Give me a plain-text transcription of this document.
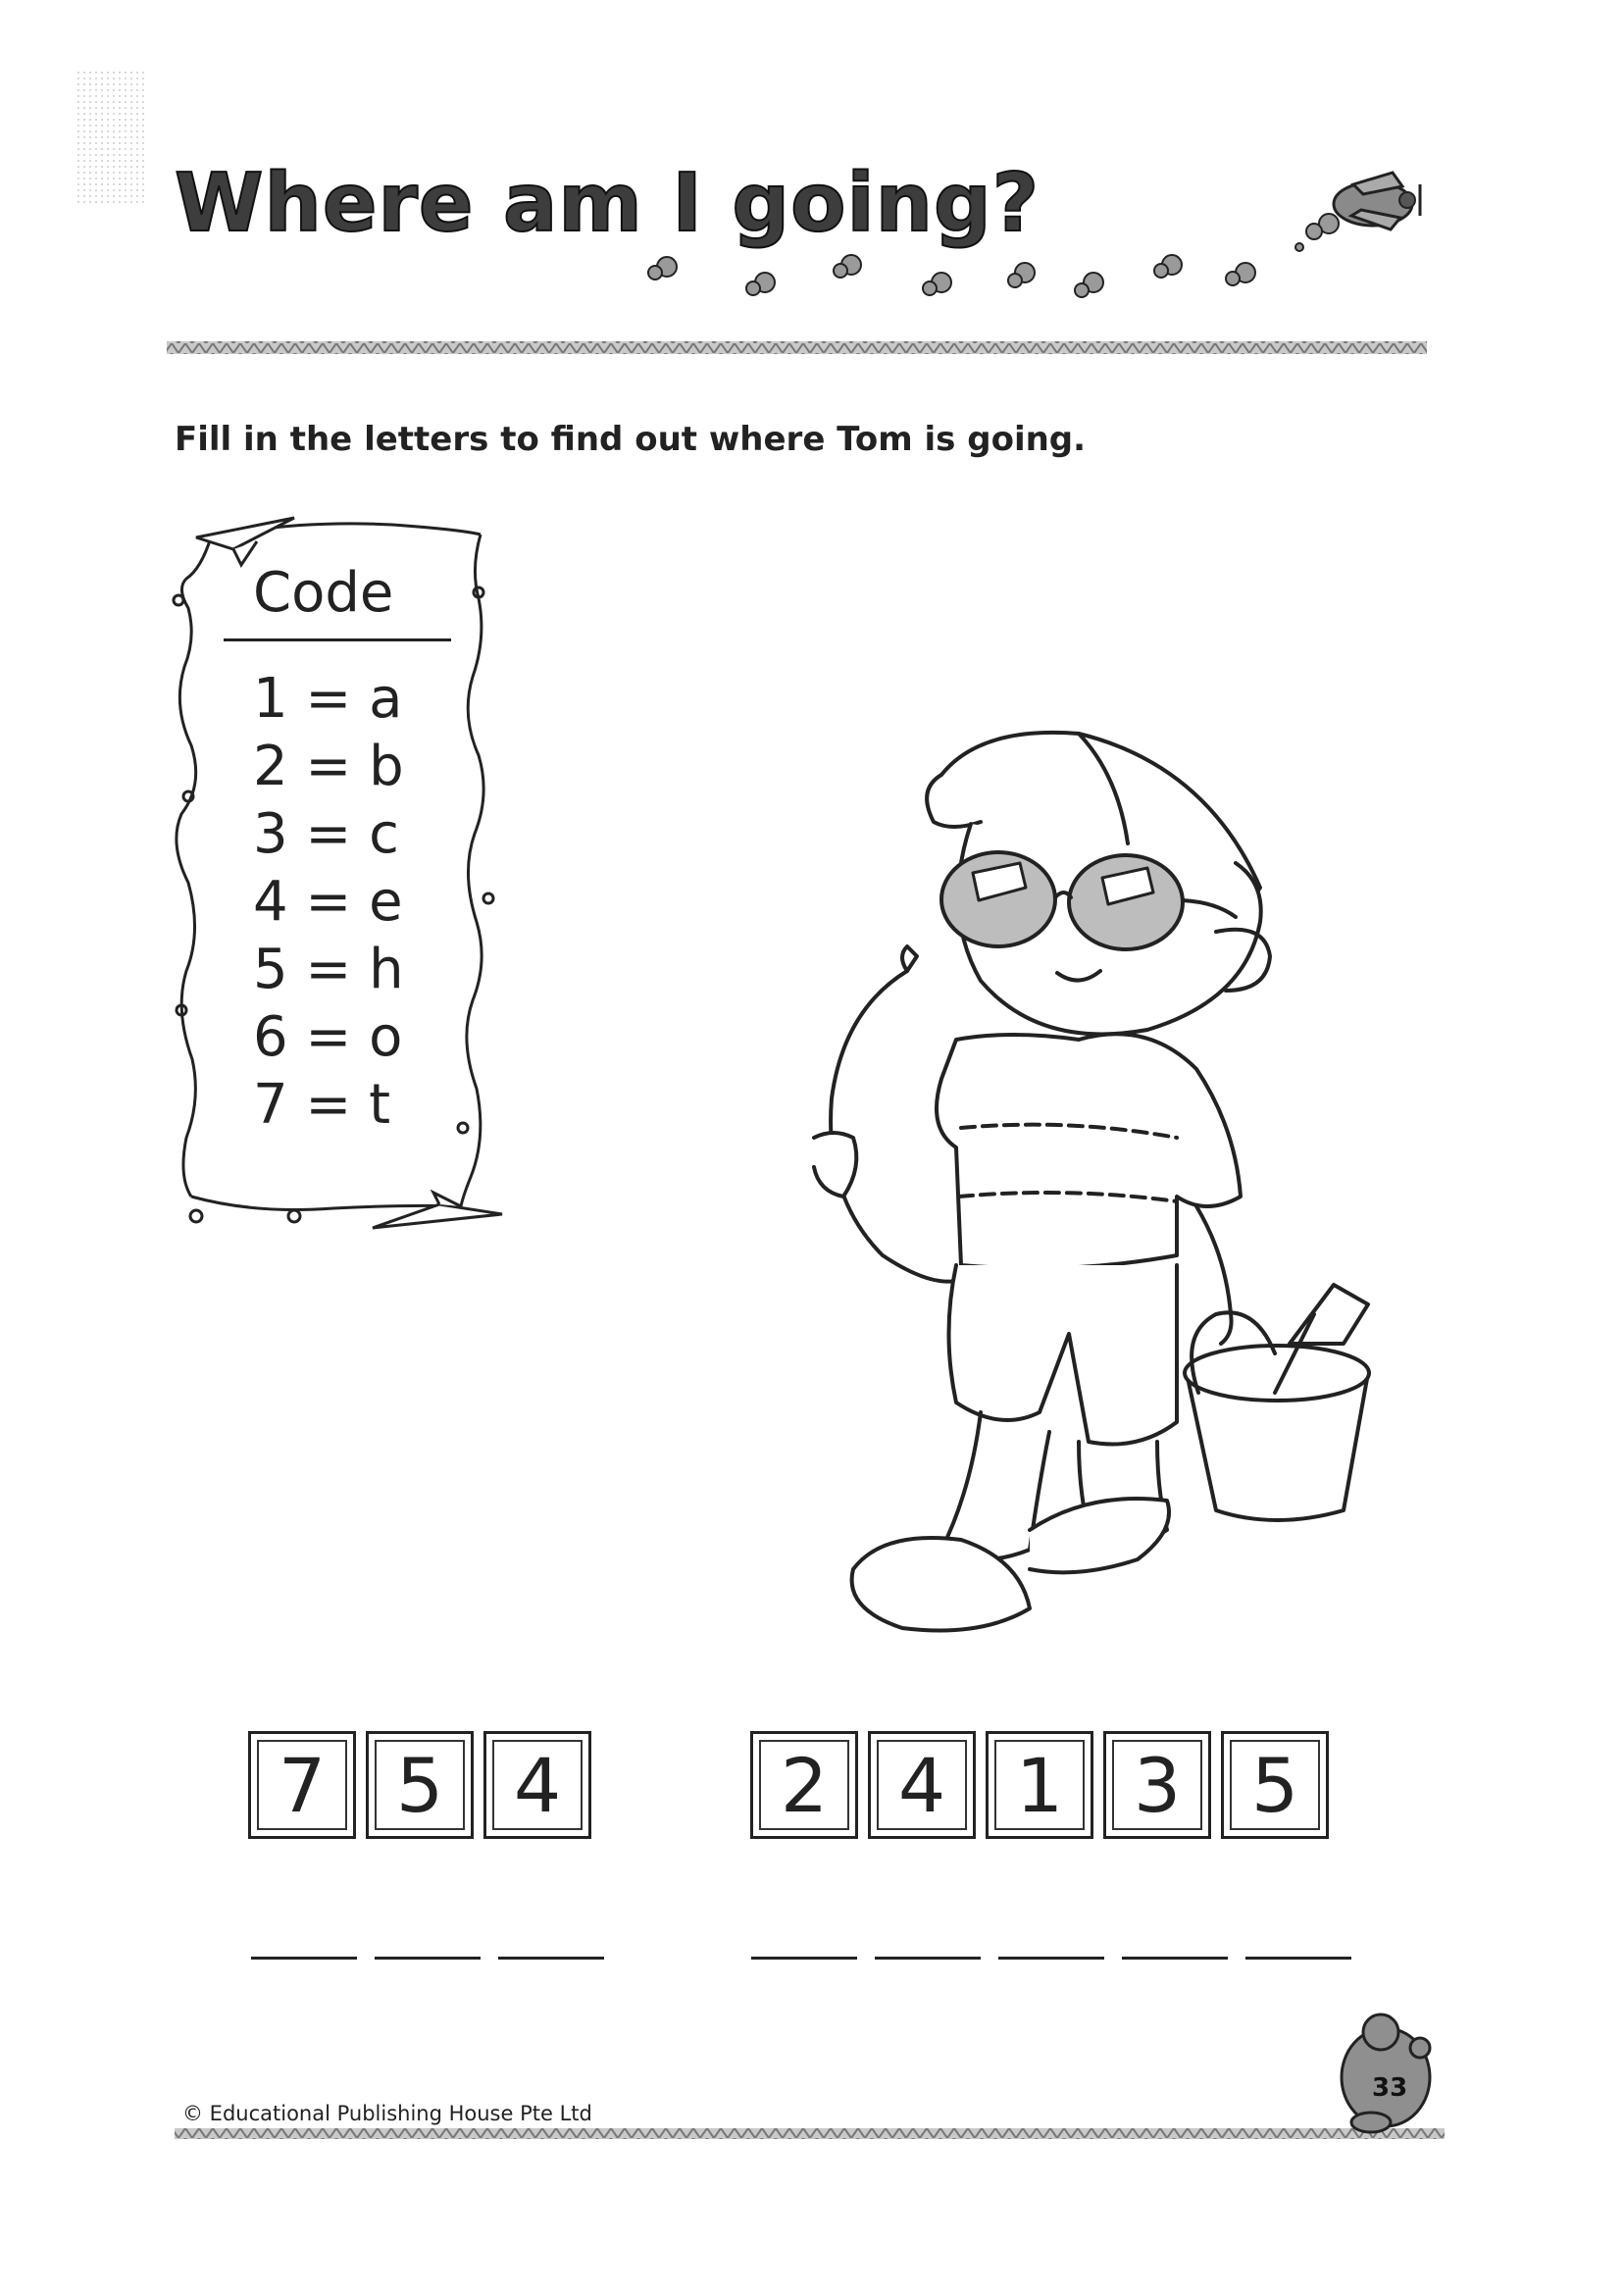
Where am I going?
Fill in the letters to find out where Tom is going.
Code
1 = a
2 = b
3 = c
4 = e
5 = h
6 = o
7 = t
7 5 4	2 4 1 3 5
© Educational Publishing House Pte Ltd
33
